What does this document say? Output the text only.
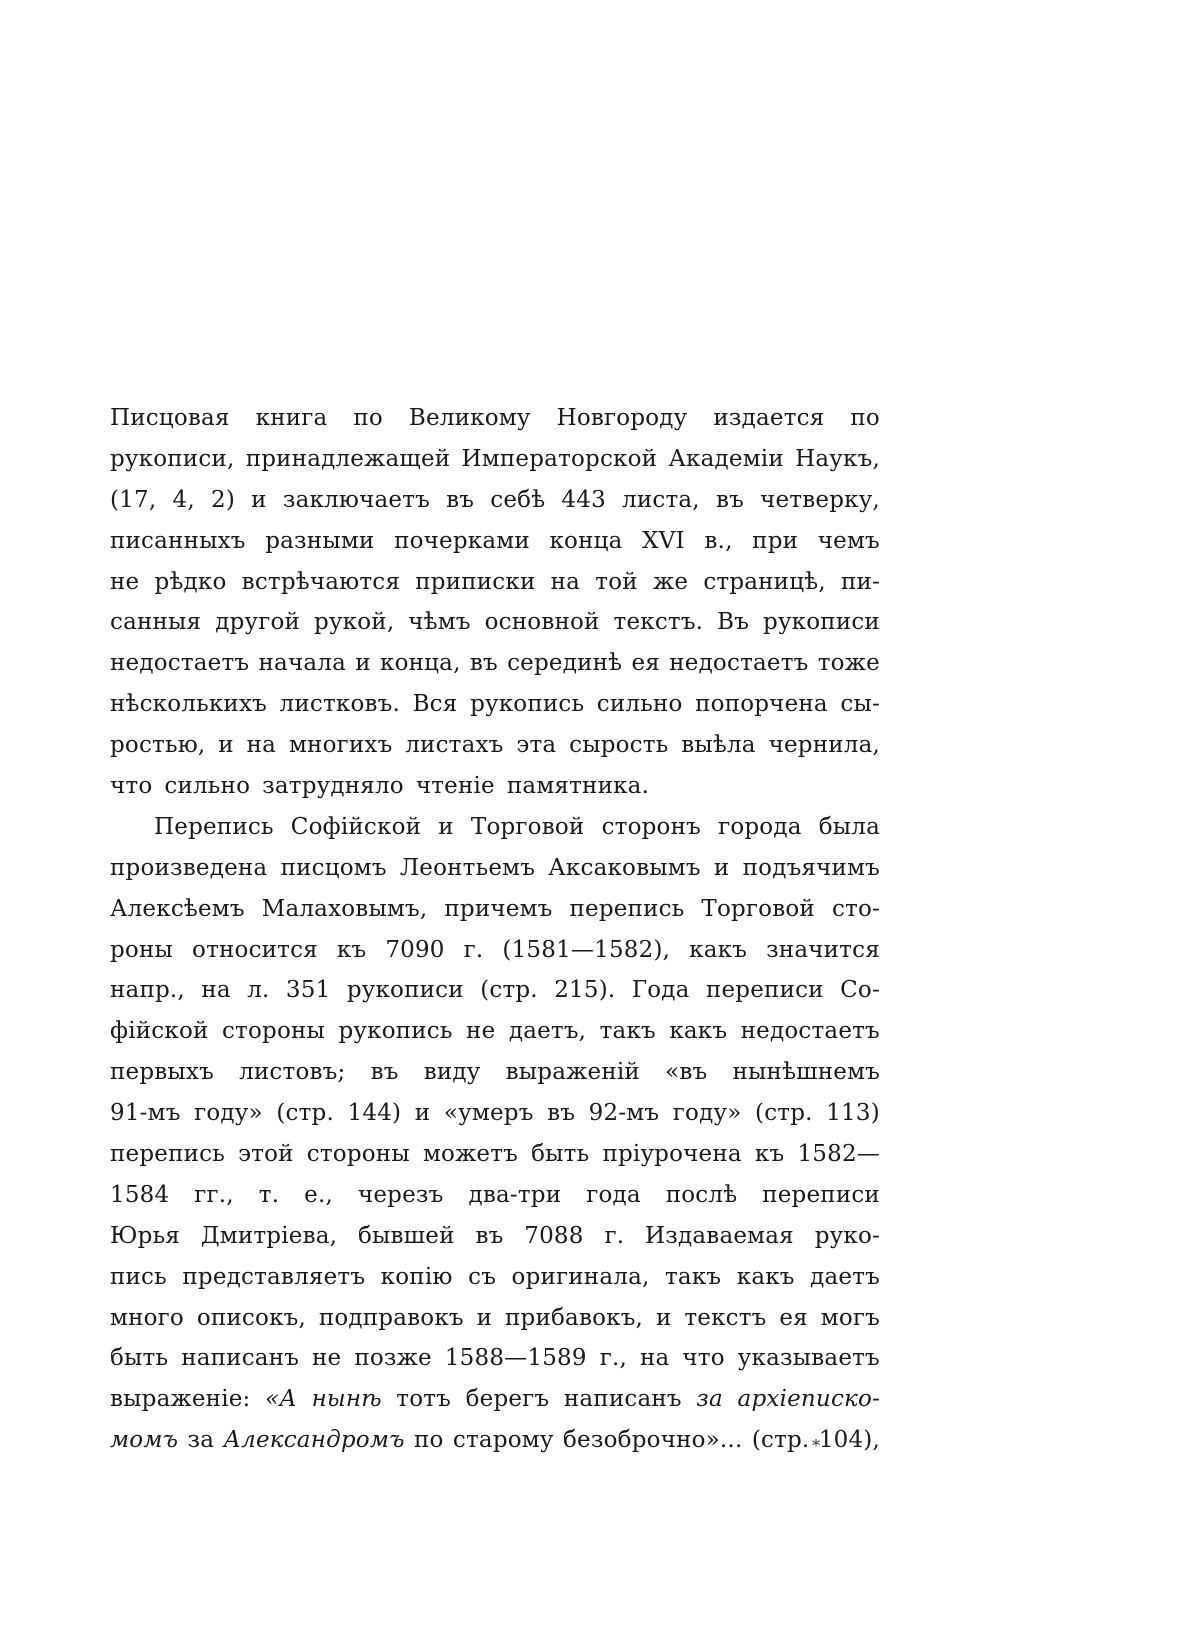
Писцовая книга по Великому Новгороду издается по
рукописи, принадлежащей Императорской Академіи Наукъ,
(17, 4, 2) и заключаетъ въ себѣ 443 листа, въ четверку,
писанныхъ разными почерками конца XVI в., при чемъ
не рѣдко встрѣчаются приписки на той же страницѣ, пи-
санныя другой рукой, чѣмъ основной текстъ. Въ рукописи
недостаетъ начала и конца, въ серединѣ ея недостаетъ тоже
нѣсколькихъ листковъ. Вся рукопись сильно попорчена сы-
ростью, и на многихъ листахъ эта сырость выѣла чернила,
что сильно затрудняло чтеніе памятника.
Перепись Софійской и Торговой сторонъ города была
произведена писцомъ Леонтьемъ Аксаковымъ и подъячимъ
Алексѣемъ Малаховымъ, причемъ перепись Торговой сто-
роны относится къ 7090 г. (1581—1582), какъ значится
напр., на л. 351 рукописи (стр. 215). Года переписи Со-
фійской стороны рукопись не даетъ, такъ какъ недостаетъ
первыхъ листовъ; въ виду выраженій «въ нынѣшнемъ
91-мъ году» (стр. 144) и «умеръ въ 92-мъ году» (стр. 113)
перепись этой стороны можетъ быть пріурочена къ 1582—
1584 гг., т. е., черезъ два-три года послѣ переписи
Юрья Дмитріева, бывшей въ 7088 г. Издаваемая руко-
пись представляетъ копію съ оригинала, такъ какъ даетъ
много описокъ, подправокъ и прибавокъ, и текстъ ея могъ
быть написанъ не позже 1588—1589 г., на что указываетъ
выраженіе: «А нынѣ тотъ берегъ написанъ за архіеписко-
момъ за Александромъ по старому безоброчно»... (стр. 104),
*
